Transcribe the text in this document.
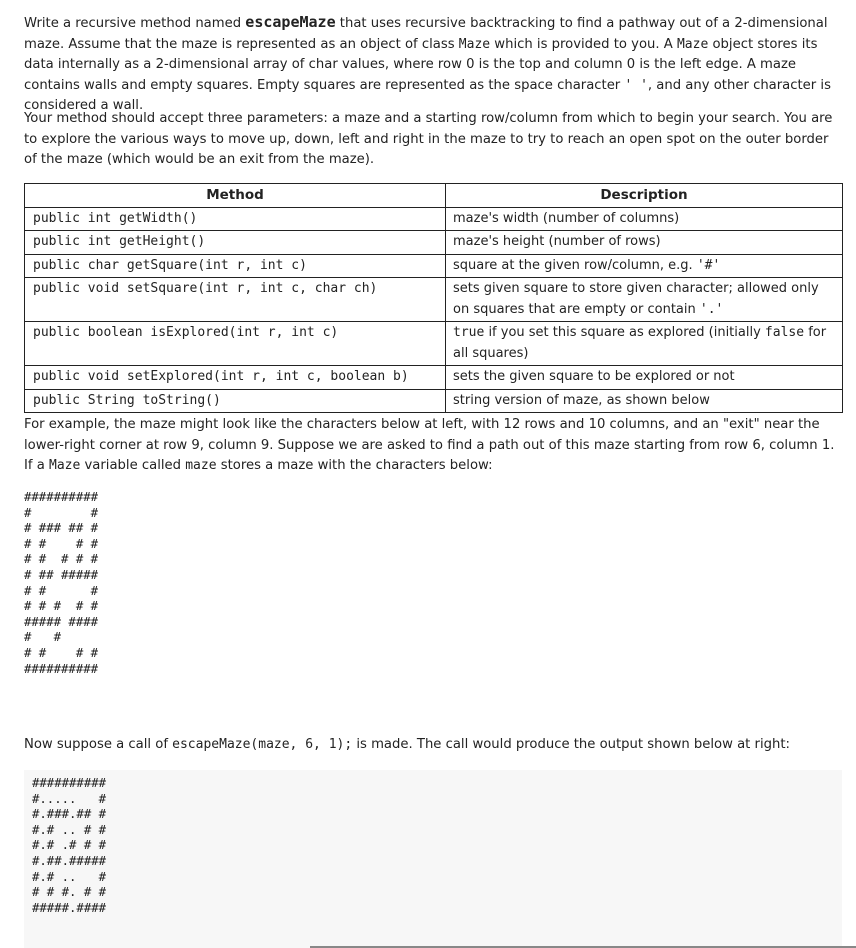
Write a recursive method named escapeMaze that uses recursive backtracking to find a pathway out of a 2-dimensional maze. Assume that the maze is represented as an object of class Maze which is provided to you. A Maze object stores its data internally as a 2-dimensional array of char values, where row 0 is the top and column 0 is the left edge. A maze contains walls and empty squares. Empty squares are represented as the space character ' ', and any other character is considered a wall.

Your method should accept three parameters: a maze and a starting row/column from which to begin your search. You are to explore the various ways to move up, down, left and right in the maze to try to reach an open spot on the outer border of the maze (which would be an exit from the maze).

Method	Description
public int getWidth()	maze's width (number of columns)
public int getHeight()	maze's height (number of rows)
public char getSquare(int r, int c)	square at the given row/column, e.g. '#'
public void setSquare(int r, int c, char ch)	sets given square to store given character; allowed only on squares that are empty or contain '.'
public boolean isExplored(int r, int c)	true if you set this square as explored (initially false for all squares)
public void setExplored(int r, int c, boolean b)	sets the given square to be explored or not
public String toString()	string version of maze, as shown below

For example, the maze might look like the characters below at left, with 12 rows and 10 columns, and an "exit" near the lower-right corner at row 9, column 9. Suppose we are asked to find a path out of this maze starting from row 6, column 1. If a Maze variable called maze stores a maze with the characters below:

##########
#        #
# ### ## #
# #    # #
# #  # # #
# ## #####
# #      #
# # #  # #
##### ####
#   #
# #    # #
##########

Now suppose a call of escapeMaze(maze, 6, 1); is made. The call would produce the output shown below at right:

##########
#.....   #
#.###.## #
#.# .. # #
#.# .# # #
#.##.#####
#.# ..   #
# # #. # #
#####.####
